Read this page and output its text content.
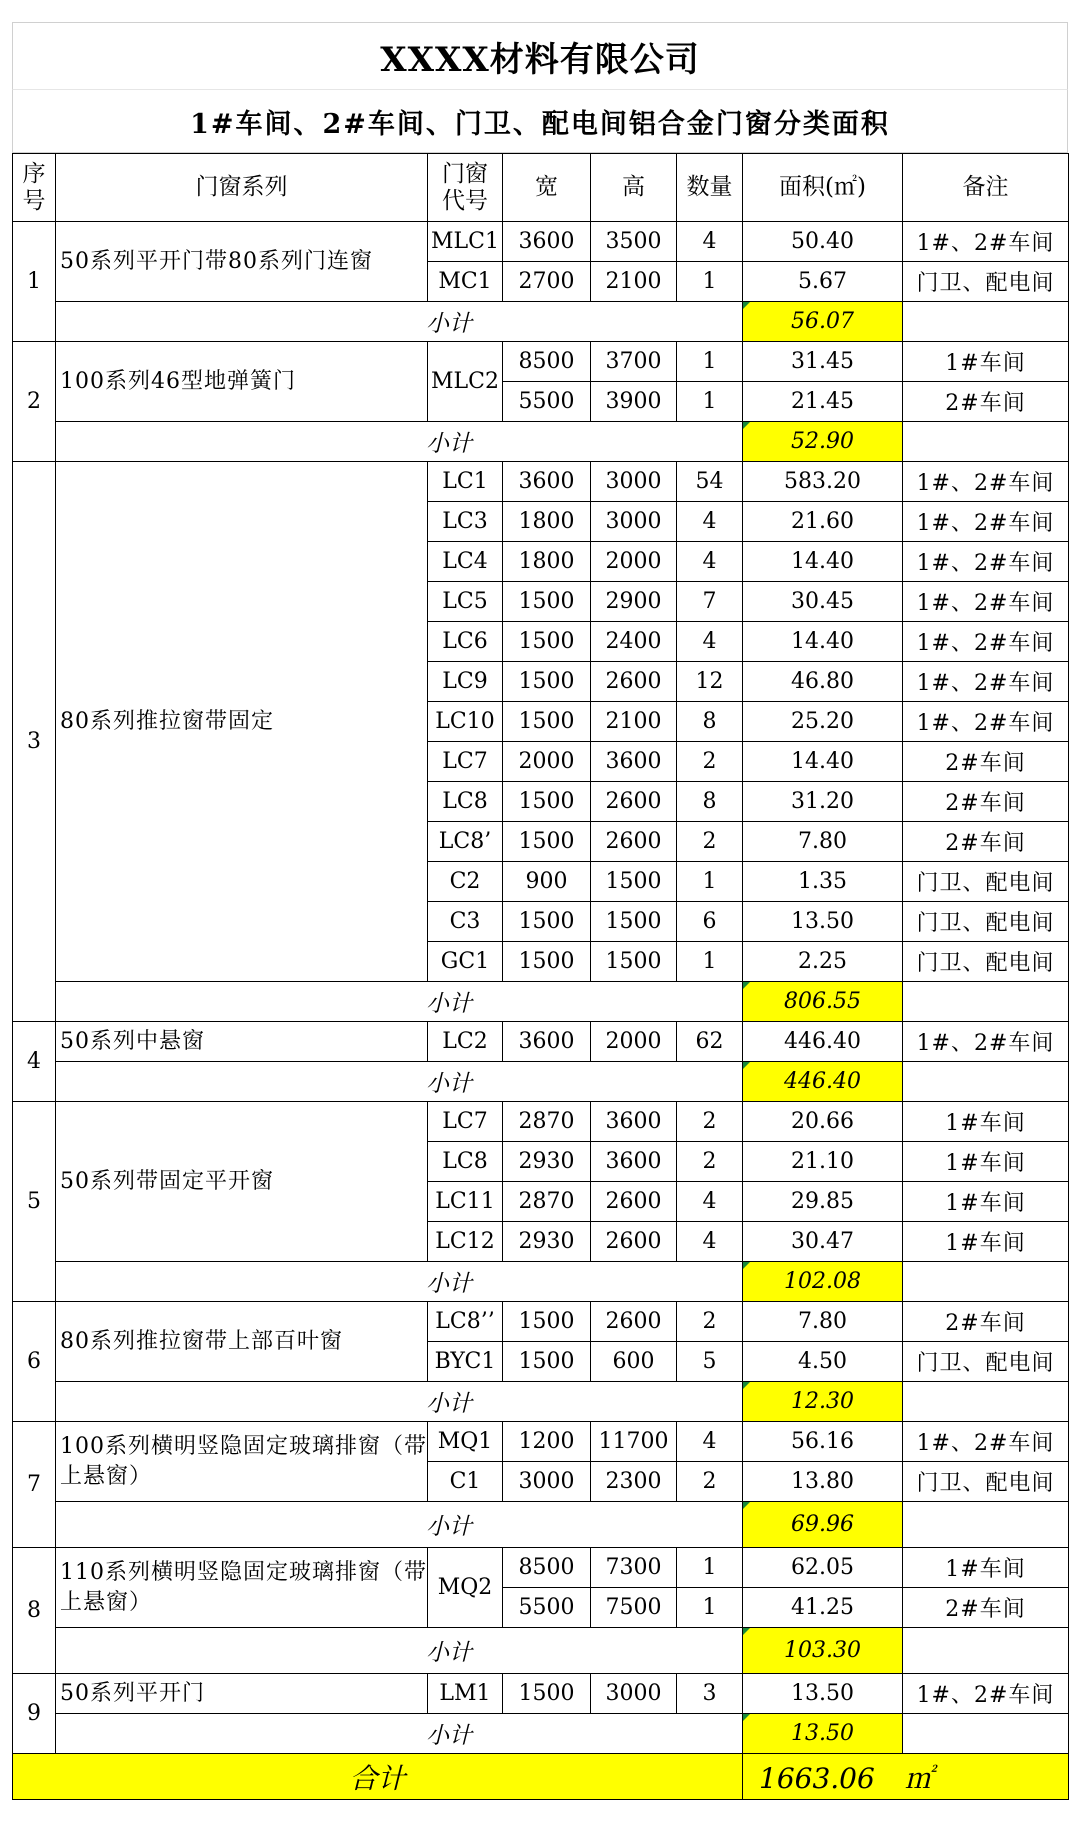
XXXX材料有限公司
1#车间、2#车间、门卫、配电间铝合金门窗分类面积
序号	门窗系列	门窗代号	宽	高	数量	面积(㎡)	备注
1	50系列平开门带80系列门连窗	MLC1	3600	3500	4	50.40	1#、2#车间
		MC1	2700	2100	1	5.67	门卫、配电间
	小计					56.07	
2	100系列46型地弹簧门	MLC2	8500	3700	1	31.45	1#车间
			5500	3900	1	21.45	2#车间
	小计					52.90	
3	80系列推拉窗带固定	LC1	3600	3000	54	583.20	1#、2#车间
		LC3	1800	3000	4	21.60	1#、2#车间
		LC4	1800	2000	4	14.40	1#、2#车间
		LC5	1500	2900	7	30.45	1#、2#车间
		LC6	1500	2400	4	14.40	1#、2#车间
		LC9	1500	2600	12	46.80	1#、2#车间
		LC10	1500	2100	8	25.20	1#、2#车间
		LC7	2000	3600	2	14.40	2#车间
		LC8	1500	2600	8	31.20	2#车间
		LC8’	1500	2600	2	7.80	2#车间
		C2	900	1500	1	1.35	门卫、配电间
		C3	1500	1500	6	13.50	门卫、配电间
		GC1	1500	1500	1	2.25	门卫、配电间
	小计					806.55	
4	50系列中悬窗	LC2	3600	2000	62	446.40	1#、2#车间
	小计					446.40	
5	50系列带固定平开窗	LC7	2870	3600	2	20.66	1#车间
		LC8	2930	3600	2	21.10	1#车间
		LC11	2870	2600	4	29.85	1#车间
		LC12	2930	2600	4	30.47	1#车间
	小计					102.08	
6	80系列推拉窗带上部百叶窗	LC8’’	1500	2600	2	7.80	2#车间
		BYC1	1500	600	5	4.50	门卫、配电间
	小计					12.30	
7	100系列横明竖隐固定玻璃排窗（带上悬窗）	MQ1	1200	11700	4	56.16	1#、2#车间
		C1	3000	2300	2	13.80	门卫、配电间
	小计					69.96	
8	110系列横明竖隐固定玻璃排窗（带上悬窗）	MQ2	8500	7300	1	62.05	1#车间
			5500	7500	1	41.25	2#车间
	小计					103.30	
9	50系列平开门	LM1	1500	3000	3	13.50	1#、2#车间
	小计					13.50	
合计						1663.06 ㎡	
